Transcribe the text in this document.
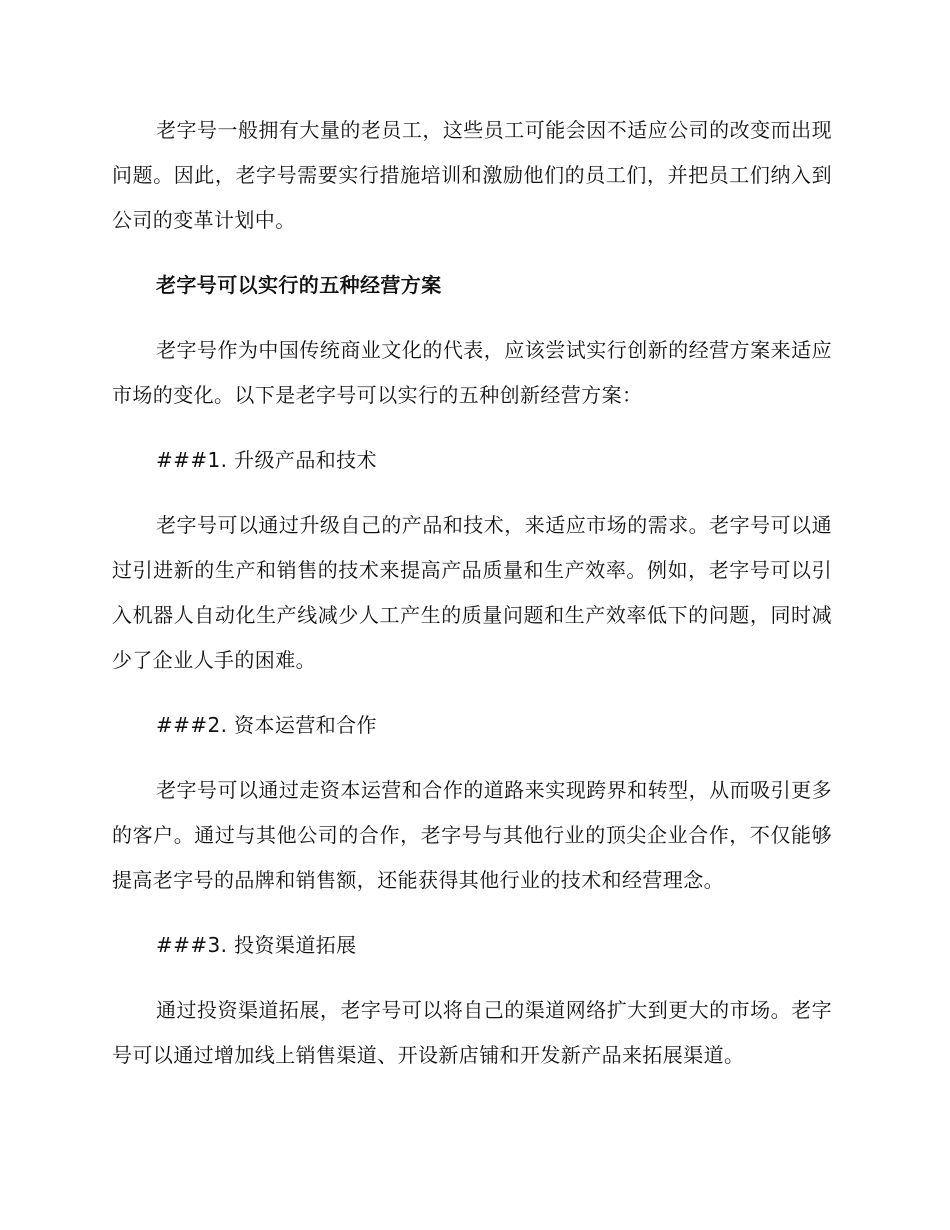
老字号一般拥有大量的老员工，这些员工可能会因不适应公司的改变而出现问题。因此，老字号需要实行措施培训和激励他们的员工们，并把员工们纳入到公司的变革计划中。

老字号可以实行的五种经营方案

老字号作为中国传统商业文化的代表，应该尝试实行创新的经营方案来适应市场的变化。以下是老字号可以实行的五种创新经营方案：

###1. 升级产品和技术

老字号可以通过升级自己的产品和技术，来适应市场的需求。老字号可以通过引进新的生产和销售的技术来提高产品质量和生产效率。例如，老字号可以引入机器人自动化生产线减少人工产生的质量问题和生产效率低下的问题，同时减少了企业人手的困难。

###2. 资本运营和合作

老字号可以通过走资本运营和合作的道路来实现跨界和转型，从而吸引更多的客户。通过与其他公司的合作，老字号与其他行业的顶尖企业合作，不仅能够提高老字号的品牌和销售额，还能获得其他行业的技术和经营理念。

###3. 投资渠道拓展

通过投资渠道拓展，老字号可以将自己的渠道网络扩大到更大的市场。老字号可以通过增加线上销售渠道、开设新店铺和开发新产品来拓展渠道。
